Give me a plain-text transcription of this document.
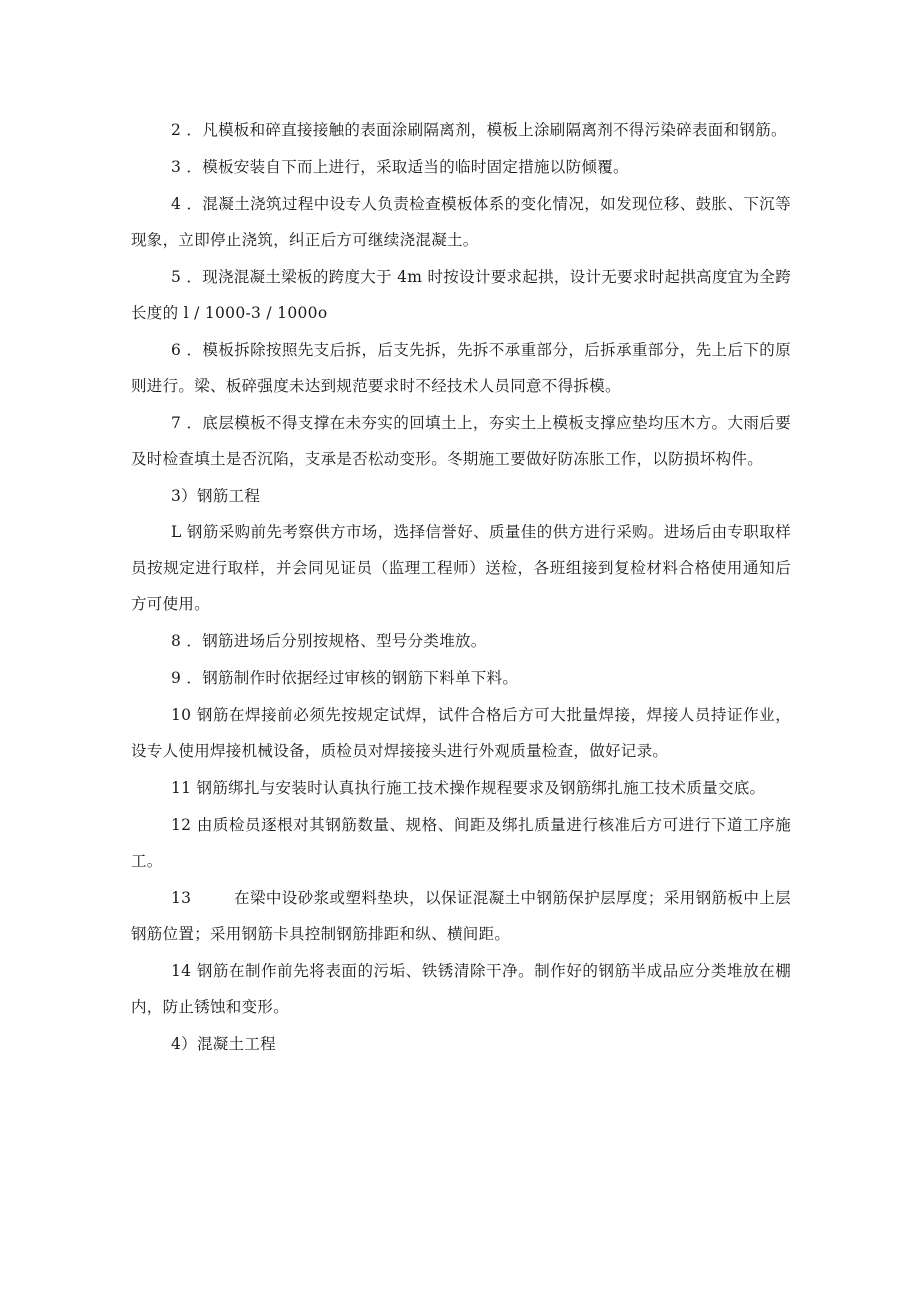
2 ．凡模板和碎直接接触的表面涂刷隔离剂，模板上涂刷隔离剂不得污染碎表面和钢筋。

3 ．模板安装自下而上进行，采取适当的临时固定措施以防倾覆。

4 ．混凝土浇筑过程中设专人负责检查模板体系的变化情况，如发现位移、鼓胀、下沉等现象，立即停止浇筑，纠正后方可继续浇混凝土。

5 ．现浇混凝土梁板的跨度大于 4m 时按设计要求起拱，设计无要求时起拱高度宜为全跨长度的 l / 1000-3 / 1000o

6 ．模板拆除按照先支后拆，后支先拆，先拆不承重部分，后拆承重部分，先上后下的原则进行。梁、板碎强度未达到规范要求时不经技术人员同意不得拆模。

7 ．底层模板不得支撑在未夯实的回填土上，夯实土上模板支撑应垫均压木方。大雨后要及时检查填土是否沉陷，支承是否松动变形。冬期施工要做好防冻胀工作，以防损坏构件。

3）钢筋工程

L 钢筋采购前先考察供方市场，选择信誉好、质量佳的供方进行采购。进场后由专职取样员按规定进行取样，并会同见证员（监理工程师）送检，各班组接到复检材料合格使用通知后方可使用。

8 ．钢筋进场后分别按规格、型号分类堆放。

9 ．钢筋制作时依据经过审核的钢筋下料单下料。

10 钢筋在焊接前必须先按规定试焊，试件合格后方可大批量焊接，焊接人员持证作业，设专人使用焊接机械设备，质检员对焊接接头进行外观质量检查，做好记录。

11 钢筋绑扎与安装时认真执行施工技术操作规程要求及钢筋绑扎施工技术质量交底。

12 由质检员逐根对其钢筋数量、规格、间距及绑扎质量进行核准后方可进行下道工序施工。

13        在梁中设砂浆或塑料垫块，以保证混凝土中钢筋保护层厚度；采用钢筋板中上层钢筋位置；采用钢筋卡具控制钢筋排距和纵、横间距。

14 钢筋在制作前先将表面的污垢、铁锈清除干净。制作好的钢筋半成品应分类堆放在棚内，防止锈蚀和变形。

4）混凝土工程
